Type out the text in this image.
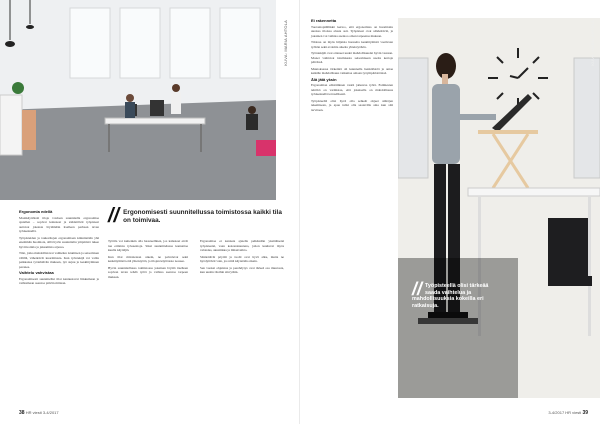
KUVA: MARIA AHTOLA
Ergonomia edellä

Monikäyttöisiä tiloja voidaan suunnitella ergonomiaa ajatellen – sopivat kalusteet ja säädettävät työpisteet auttavat jokaista löytämään itselleen parhaan tavan työskennellä.

Työpisteiden ja taukotilojen ergonomiaan kiinnitetään yhä enemmän huomiota, sillä hyvin suunniteltu ympäristö tukee hyvinvointia ja jaksamista arjessa.

Tilat, jotka mahdollistavat vaihtelun istumisen ja seisomisen välillä, vähentävät kuormitusta. Kun työntekijä voi valita paikkansa työtehtävän mukaan, työ sujuu ja keskittyminen paranee.

Vaihtelu vahvistaa

Ergonomisesti suunnitellut tilat kannustavat liikkumaan ja vaihtamaan asentoa päivän mittaan.

// Ergonomisesti suunnitellussa toimistossa kaikki tila on toimivaa.

Työtila voi kuitenkin olla haasteellinen, jos kalusteet eivät tue erilaisia työasentoja. Siksi suunnittelussa kannattaa kuulla käyttäjiä.

Kun tilat mitoitetaan oikein, ne palvelevat sekä keskittymistä että yhteistyötä, ja tilojen käyttöaste nousee.

Hyvin suunnitellussa toimistossa jokainen löytää itselleen sopivan tavan tehdä työtä ja vaihtaa asentoa tarpeen mukaan.

Ergonomiaa ei kannata ajatella pelkästään yksittäisenä työpisteenä, vaan kokonaisuutena, johon kuuluvat myös valaistus, akustiikka ja ilmanvaihto.

Säädettävät pöydät ja tuolit ovat hyvä alku, mutta ne hyödyttävät vain, jos niitä käytetään oikein.

Sen vuoksi ohjeistus ja perehdytys ovat tärkeä osa muutosta, kun uusiin tiloihin siirrytään.

38 HR viesti 3-4/2017
Ei rakennetta

Tuotantopäällikkö kertoo, että ergonomiaa on huomioitu uusissa tiloissa alusta asti. Työpisteet ovat säädettäviä, ja jokainen voi vaihtaa asentoa oman tarpeensa mukaan.

Tiloissa on myös hiljaisia huoneita keskittymistä vaativaan työhön sekä avoimia alueita yhteistyöhön.

Työntekijät ovat ottaneet uudet mahdollisuudet hyvin vastaan. Monet vaihtavat istumisesta seisomiseen useita kertoja päivässä.

Muutoksessa tärkeintä oli kuunnella henkilöstöä ja antaa kaikille mahdollisuus vaikuttaa omaan työympäristöönsä.

Älä jätä yksin

Ergonomian edistäminen vaatii jatkuvaa työtä. Esimiesten tehtävä on varmistaa, että jokaisella on mahdollisuus työskennellä terveellisesti.

Työpisteellä olisi hyvä olla selkeät ohjeet säätöjen tekemiseen, ja apua tulisi olla saatavilla aina kun sitä tarvitaan.

KUVA: MARIA AHTOLA
// Työpisteellä olisi tärkeää saada vaihtelua ja mahdollisuuksia kokeilla eri ratkaisuja.
3-4/2017 HR viesti 39
